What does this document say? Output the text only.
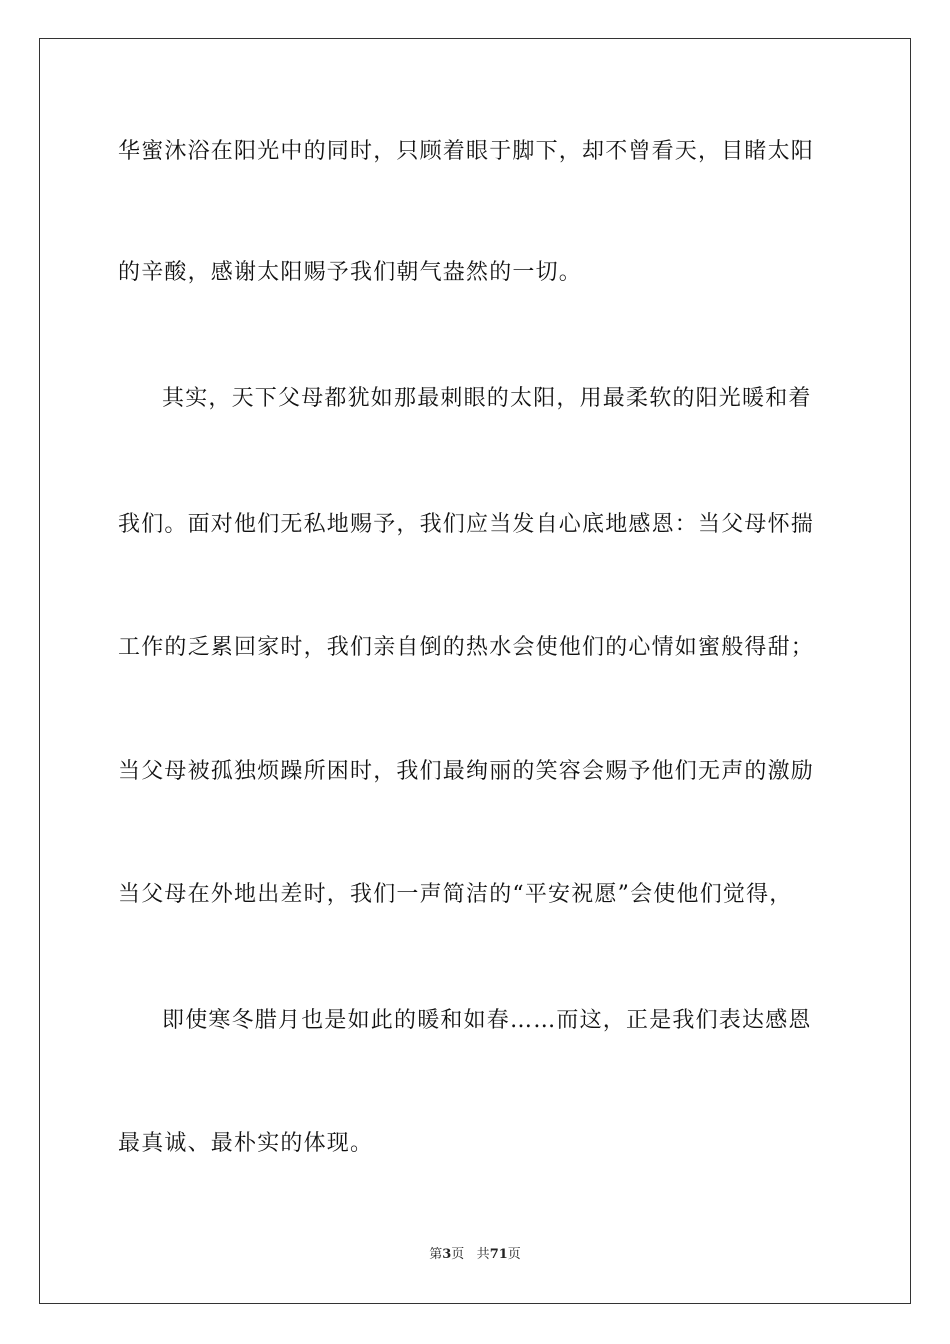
华蜜沐浴在阳光中的同时，只顾着眼于脚下，却不曾看天，目睹太阳
的辛酸，感谢太阳赐予我们朝气盎然的一切。
其实，天下父母都犹如那最刺眼的太阳，用最柔软的阳光暖和着
我们。面对他们无私地赐予，我们应当发自心底地感恩：当父母怀揣
工作的乏累回家时，我们亲自倒的热水会使他们的心情如蜜般得甜；
当父母被孤独烦躁所困时，我们最绚丽的笑容会赐予他们无声的激励
当父母在外地出差时，我们一声简洁的“平安祝愿”会使他们觉得，
即使寒冬腊月也是如此的暖和如春……而这，正是我们表达感恩
最真诚、最朴实的体现。
第3页 共71页
